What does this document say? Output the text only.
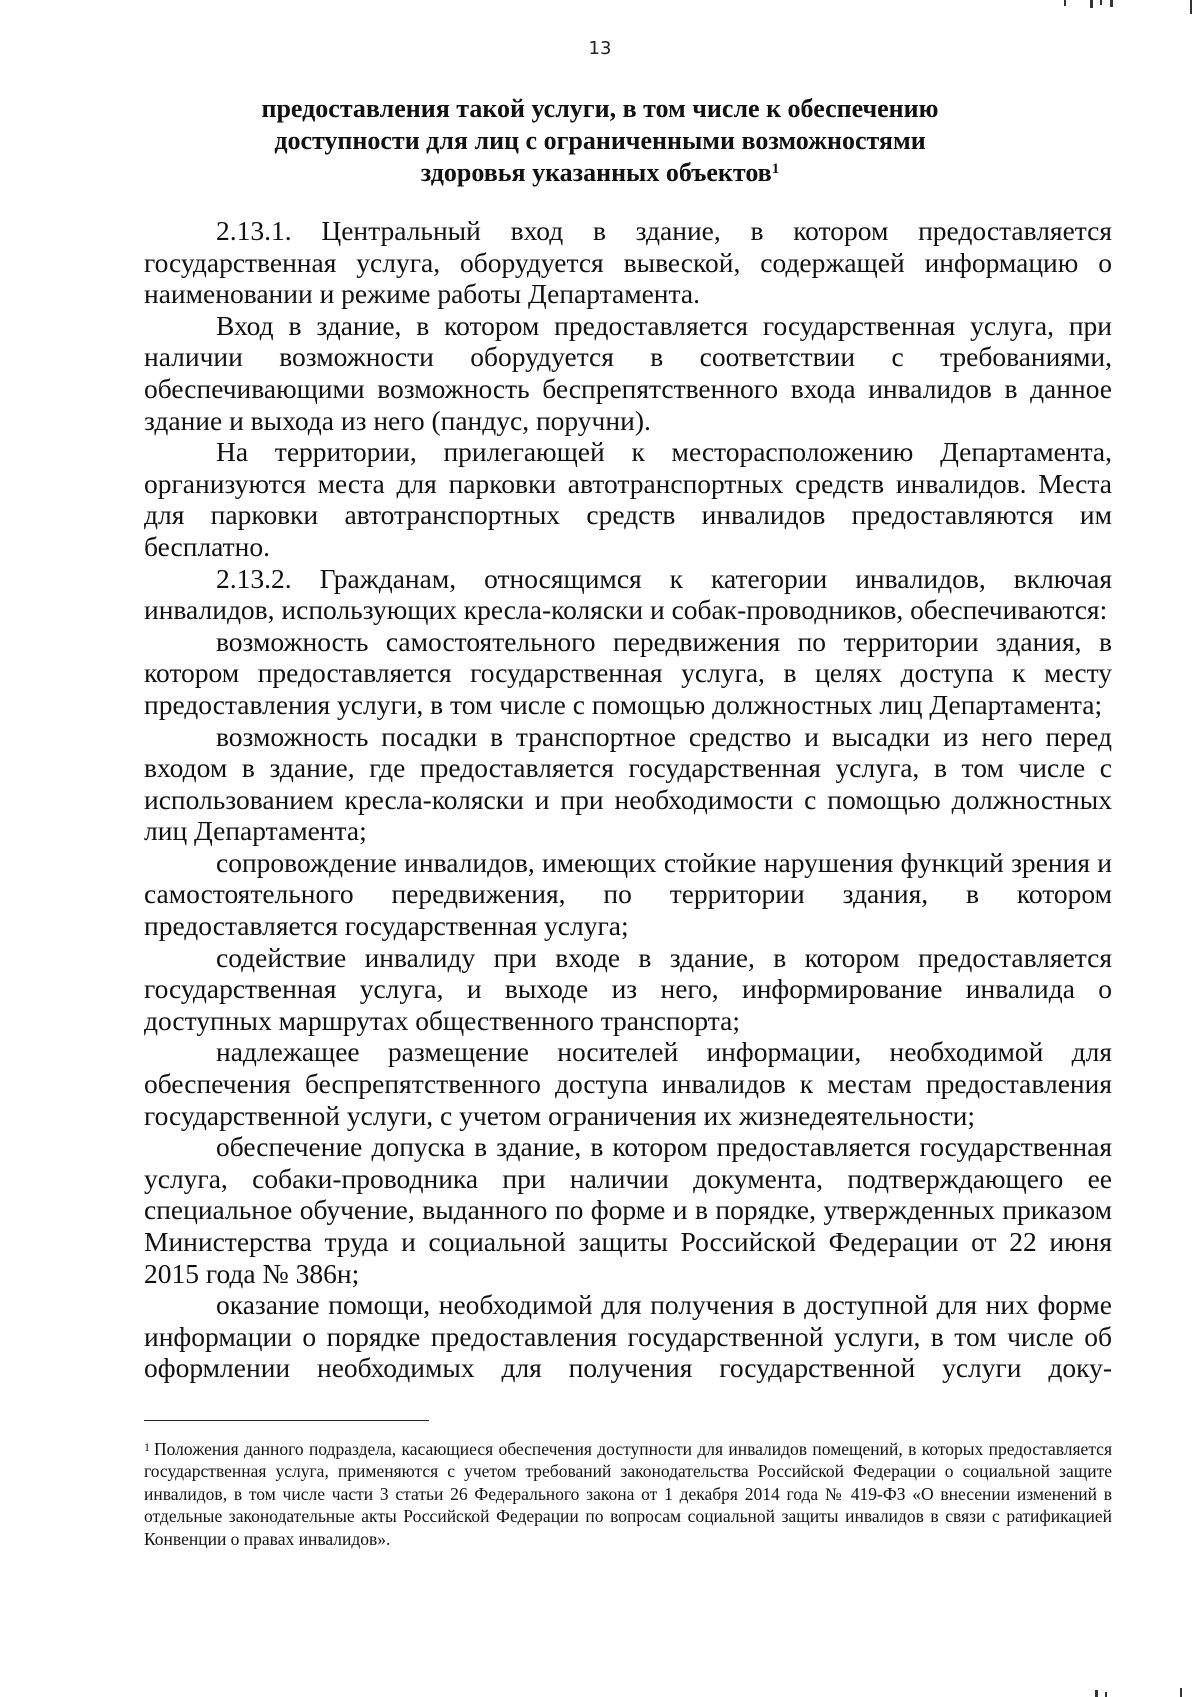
13
предоставления такой услуги, в том числе к обеспечению
доступности для лиц с ограниченными возможностями
здоровья указанных объектов$^1$

2.13.1. Центральный вход в здание, в котором предоставляется государственная услуга, оборудуется вывеской, содержащей информацию о наименовании и режиме работы Департамента.

Вход в здание, в котором предоставляется государственная услуга, при наличии возможности оборудуется в соответствии с требованиями, обеспечивающими возможность беспрепятственного входа инвалидов в данное здание и выхода из него (пандус, поручни).

На территории, прилегающей к месторасположению Департамента, организуются места для парковки автотранспортных средств инвалидов. Места для парковки автотранспортных средств инвалидов предоставляются им бесплатно.

2.13.2. Гражданам, относящимся к категории инвалидов, включая инвалидов, использующих кресла-коляски и собак-проводников, обеспечиваются:

возможность самостоятельного передвижения по территории здания, в котором предоставляется государственная услуга, в целях доступа к месту предоставления услуги, в том числе с помощью должностных лиц Департамента;

возможность посадки в транспортное средство и высадки из него перед входом в здание, где предоставляется государственная услуга, в том числе с использованием кресла-коляски и при необходимости с помощью должностных лиц Департамента;

сопровождение инвалидов, имеющих стойкие нарушения функций зрения и самостоятельного передвижения, по территории здания, в котором предоставляется государственная услуга;

содействие инвалиду при входе в здание, в котором предоставляется государственная услуга, и выходе из него, информирование инвалида о доступных маршрутах общественного транспорта;

надлежащее размещение носителей информации, необходимой для обеспечения беспрепятственного доступа инвалидов к местам предоставления государственной услуги, с учетом ограничения их жизнедеятельности;

обеспечение допуска в здание, в котором предоставляется государственная услуга, собаки-проводника при наличии документа, подтверждающего ее специальное обучение, выданного по форме и в порядке, утвержденных приказом Министерства труда и социальной защиты Российской Федерации от 22 июня 2015 года № 386н;

оказание помощи, необходимой для получения в доступной для них форме информации о порядке предоставления государственной услуги, в том числе об оформлении необходимых для получения государственной услуги доку-

$^1$ Положения данного подраздела, касающиеся обеспечения доступности для инвалидов помещений, в которых предоставляется государственная услуга, применяются с учетом требований законодательства Российской Федерации о социальной защите инвалидов, в том числе части 3 статьи 26 Федерального закона от 1 декабря 2014 года № 419-ФЗ «О внесении изменений в отдельные законодательные акты Российской Федерации по вопросам социальной защиты инвалидов в связи с ратификацией Конвенции о правах инвалидов».
